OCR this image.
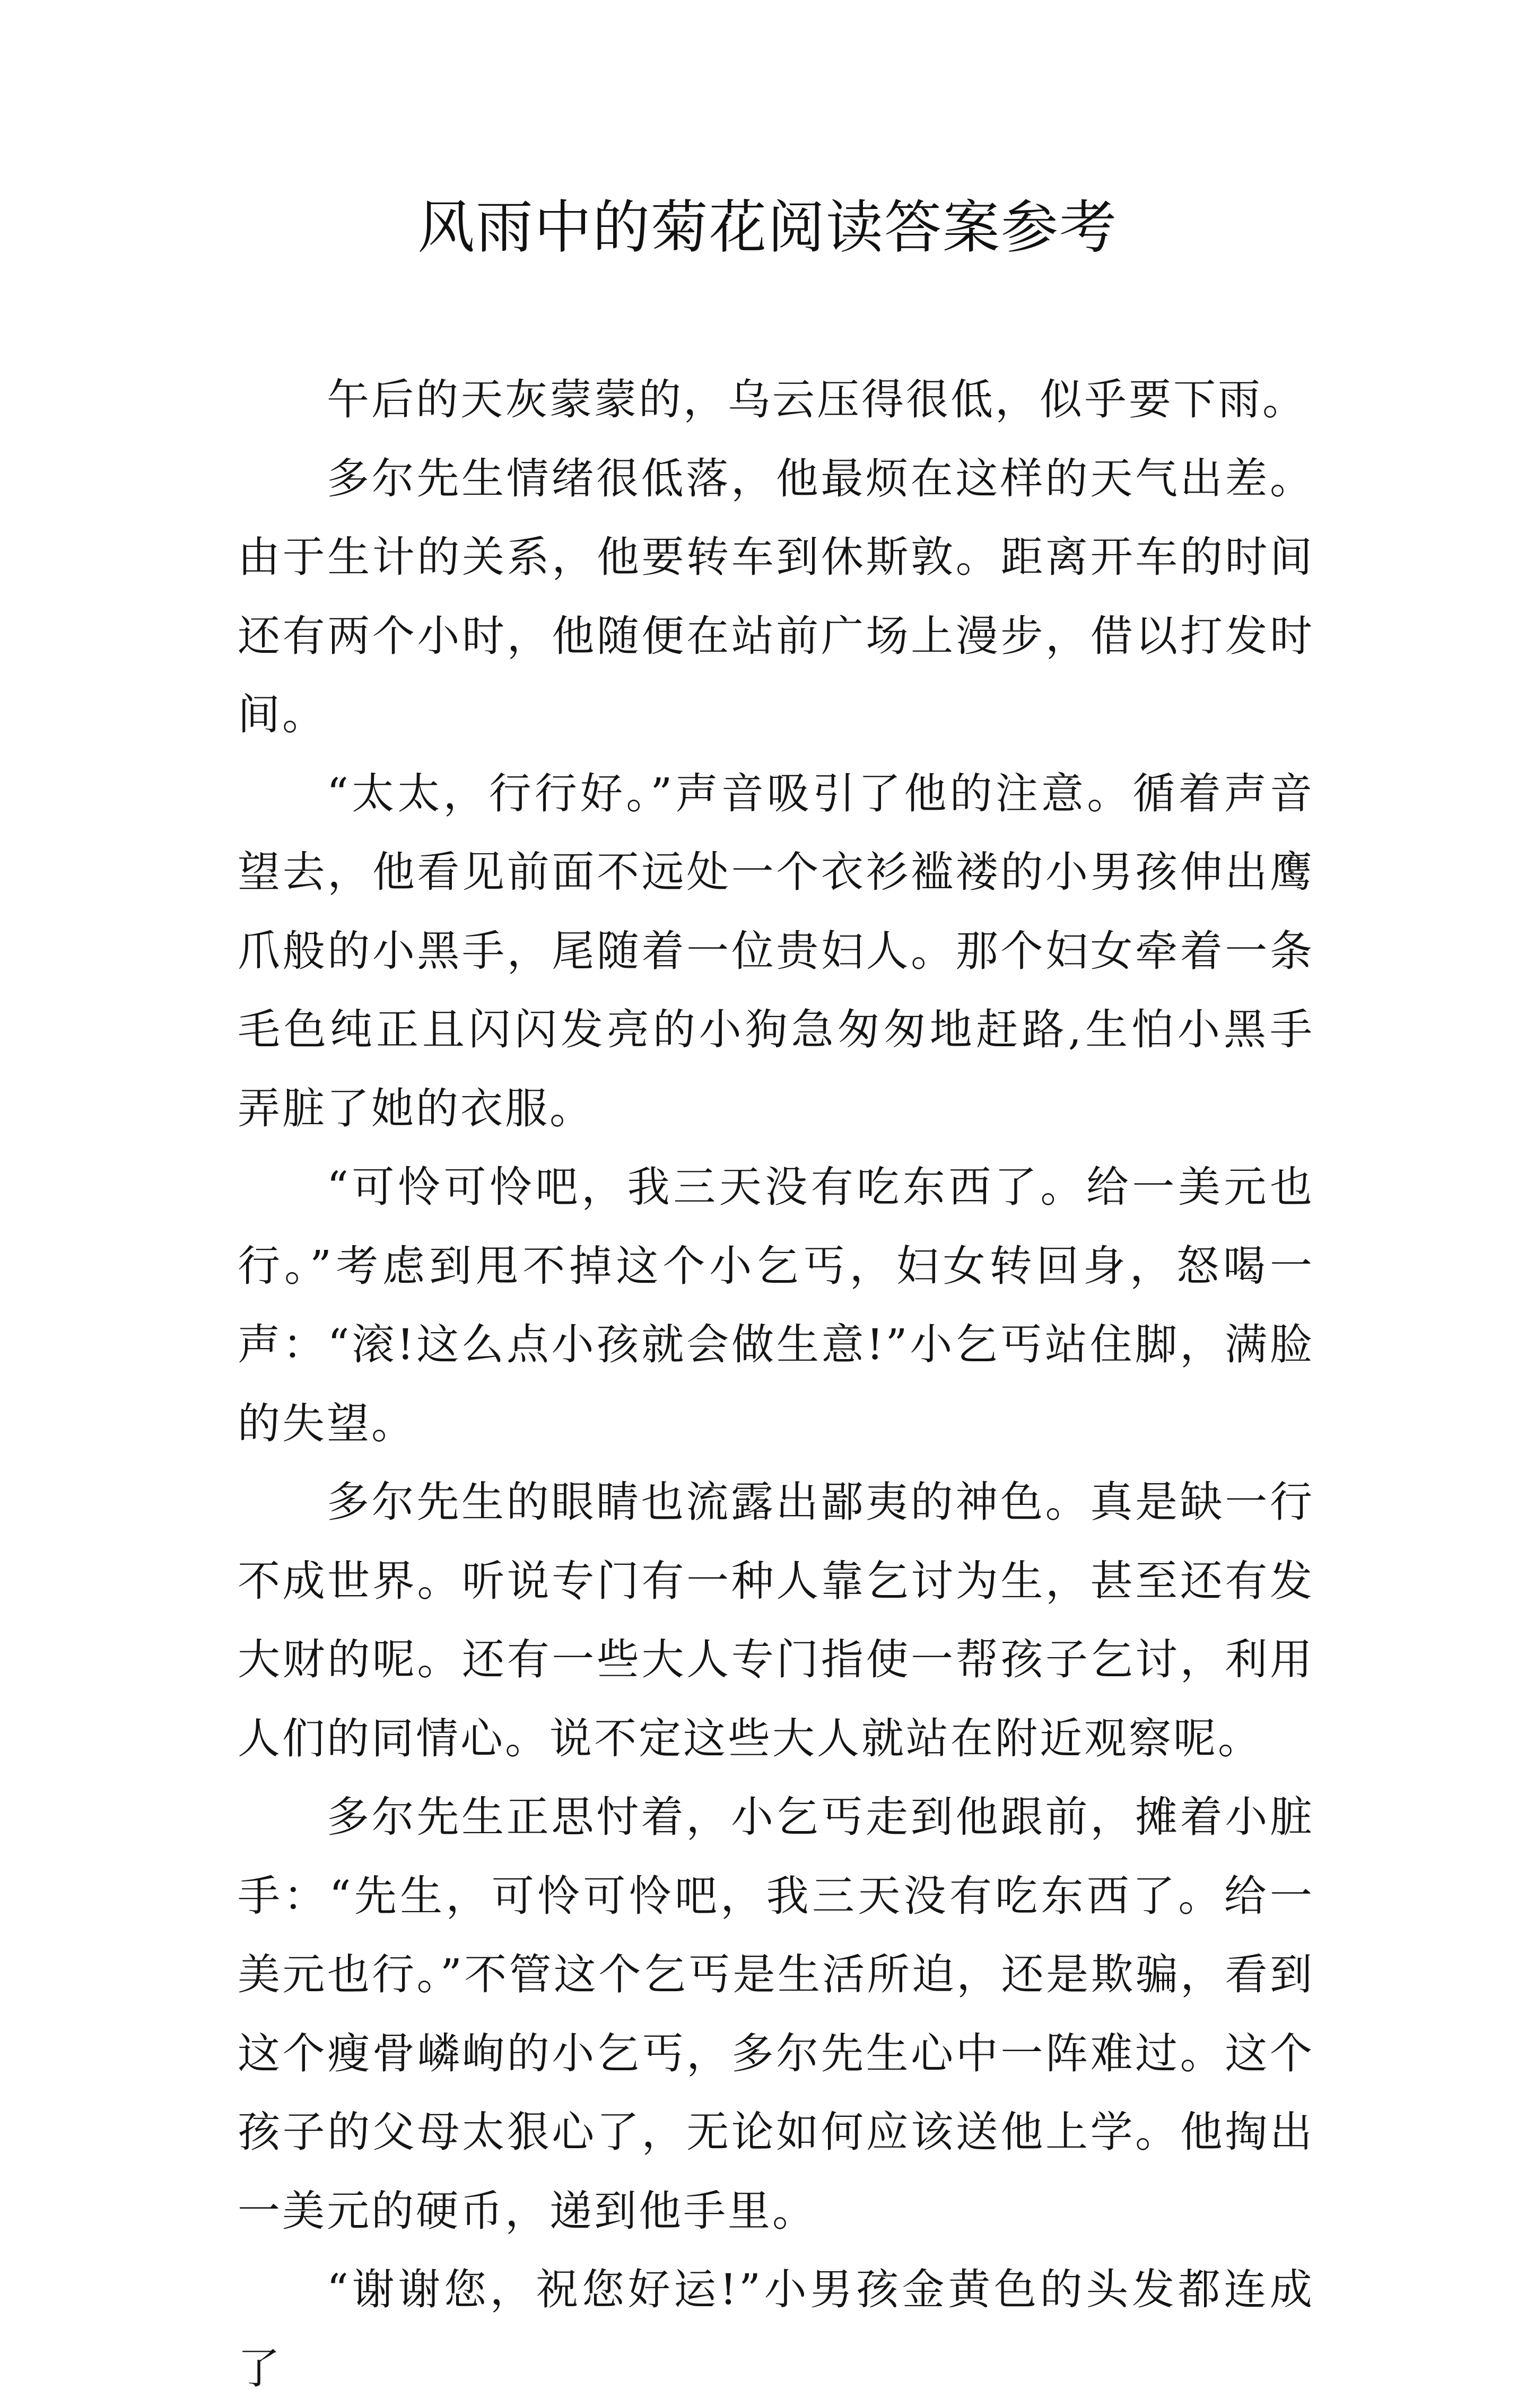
风雨中的菊花阅读答案参考

午后的天灰蒙蒙的，乌云压得很低，似乎要下雨。

多尔先生情绪很低落，他最烦在这样的天气出差。由于生计的关系，他要转车到休斯敦。距离开车的时间还有两个小时，他随便在站前广场上漫步，借以打发时间。

“太太，行行好。”声音吸引了他的注意。循着声音望去，他看见前面不远处一个衣衫褴褛的小男孩伸出鹰爪般的小黑手，尾随着一位贵妇人。那个妇女牵着一条毛色纯正且闪闪发亮的小狗急匆匆地赶路,生怕小黑手弄脏了她的衣服。

“可怜可怜吧，我三天没有吃东西了。给一美元也行。”考虑到甩不掉这个小乞丐，妇女转回身，怒喝一声：“滚!这么点小孩就会做生意!”小乞丐站住脚，满脸的失望。

多尔先生的眼睛也流露出鄙夷的神色。真是缺一行不成世界。听说专门有一种人靠乞讨为生，甚至还有发大财的呢。还有一些大人专门指使一帮孩子乞讨，利用人们的同情心。说不定这些大人就站在附近观察呢。

多尔先生正思忖着，小乞丐走到他跟前，摊着小脏手：“先生，可怜可怜吧，我三天没有吃东西了。给一美元也行。”不管这个乞丐是生活所迫，还是欺骗，看到这个瘦骨嶙峋的小乞丐，多尔先生心中一阵难过。这个孩子的父母太狠心了，无论如何应该送他上学。他掏出一美元的硬币，递到他手里。

“谢谢您，祝您好运!”小男孩金黄色的头发都连成了
